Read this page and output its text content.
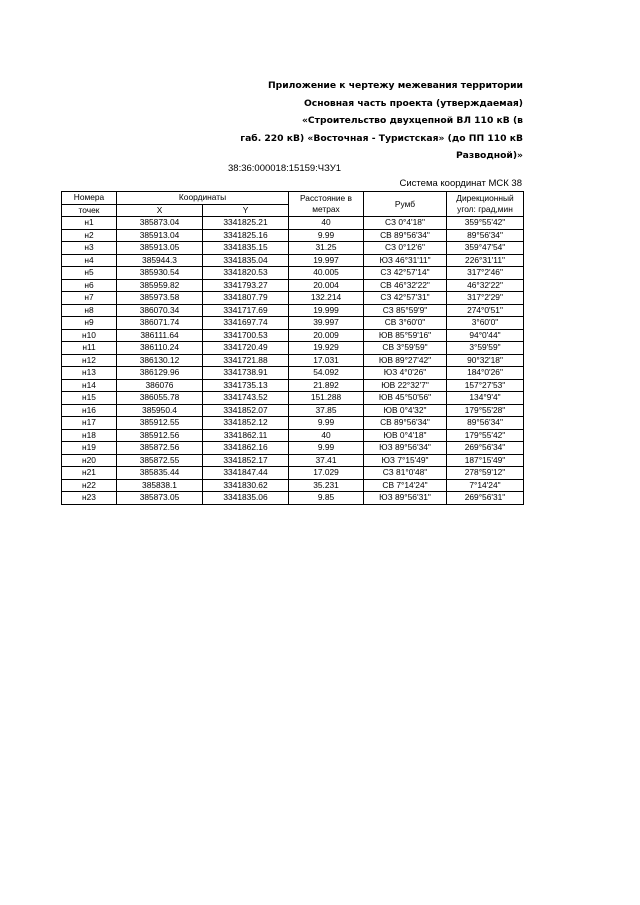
Приложение к чертежу межевания территории
Основная часть проекта (утверждаемая)
«Строительство двухцепной ВЛ 110 кВ (в
габ. 220 кВ) «Восточная - Туристская» (до ПП 110 кВ
Разводной)»
38:36:000018:15159:ЧЗУ1
Система координат МСК 38
Номера	Координаты		Расстояние в метрах	Румб	Дирекционный угол: град,мин
точек	X	Y			
н1	385873.04	3341825.21	40	СЗ 0°4'18"	359°55'42"
н2	385913.04	3341825.16	9.99	СВ 89°56'34"	89°56'34"
н3	385913.05	3341835.15	31.25	СЗ 0°12'6"	359°47'54"
н4	385944.3	3341835.04	19.997	ЮЗ 46°31'11"	226°31'11"
н5	385930.54	3341820.53	40.005	СЗ 42°57'14"	317°2'46"
н6	385959.82	3341793.27	20.004	СВ 46°32'22"	46°32'22"
н7	385973.58	3341807.79	132.214	СЗ 42°57'31"	317°2'29"
н8	386070.34	3341717.69	19.999	СЗ 85°59'9"	274°0'51"
н9	386071.74	3341697.74	39.997	СВ 3°60'0"	3°60'0"
н10	386111.64	3341700.53	20.009	ЮВ 85°59'16"	94°0'44"
н11	386110.24	3341720.49	19.929	СВ 3°59'59"	3°59'59"
н12	386130.12	3341721.88	17.031	ЮВ 89°27'42"	90°32'18"
н13	386129.96	3341738.91	54.092	ЮЗ 4°0'26"	184°0'26"
н14	386076	3341735.13	21.892	ЮВ 22°32'7"	157°27'53"
н15	386055.78	3341743.52	151.288	ЮВ 45°50'56"	134°9'4"
н16	385950.4	3341852.07	37.85	ЮВ 0°4'32"	179°55'28"
н17	385912.55	3341852.12	9.99	СВ 89°56'34"	89°56'34"
н18	385912.56	3341862.11	40	ЮВ 0°4'18"	179°55'42"
н19	385872.56	3341862.16	9.99	ЮЗ 89°56'34"	269°56'34"
н20	385872.55	3341852.17	37.41	ЮЗ 7°15'49"	187°15'49"
н21	385835.44	3341847.44	17.029	СЗ 81°0'48"	278°59'12"
н22	385838.1	3341830.62	35.231	СВ 7°14'24"	7°14'24"
н23	385873.05	3341835.06	9.85	ЮЗ 89°56'31"	269°56'31"
